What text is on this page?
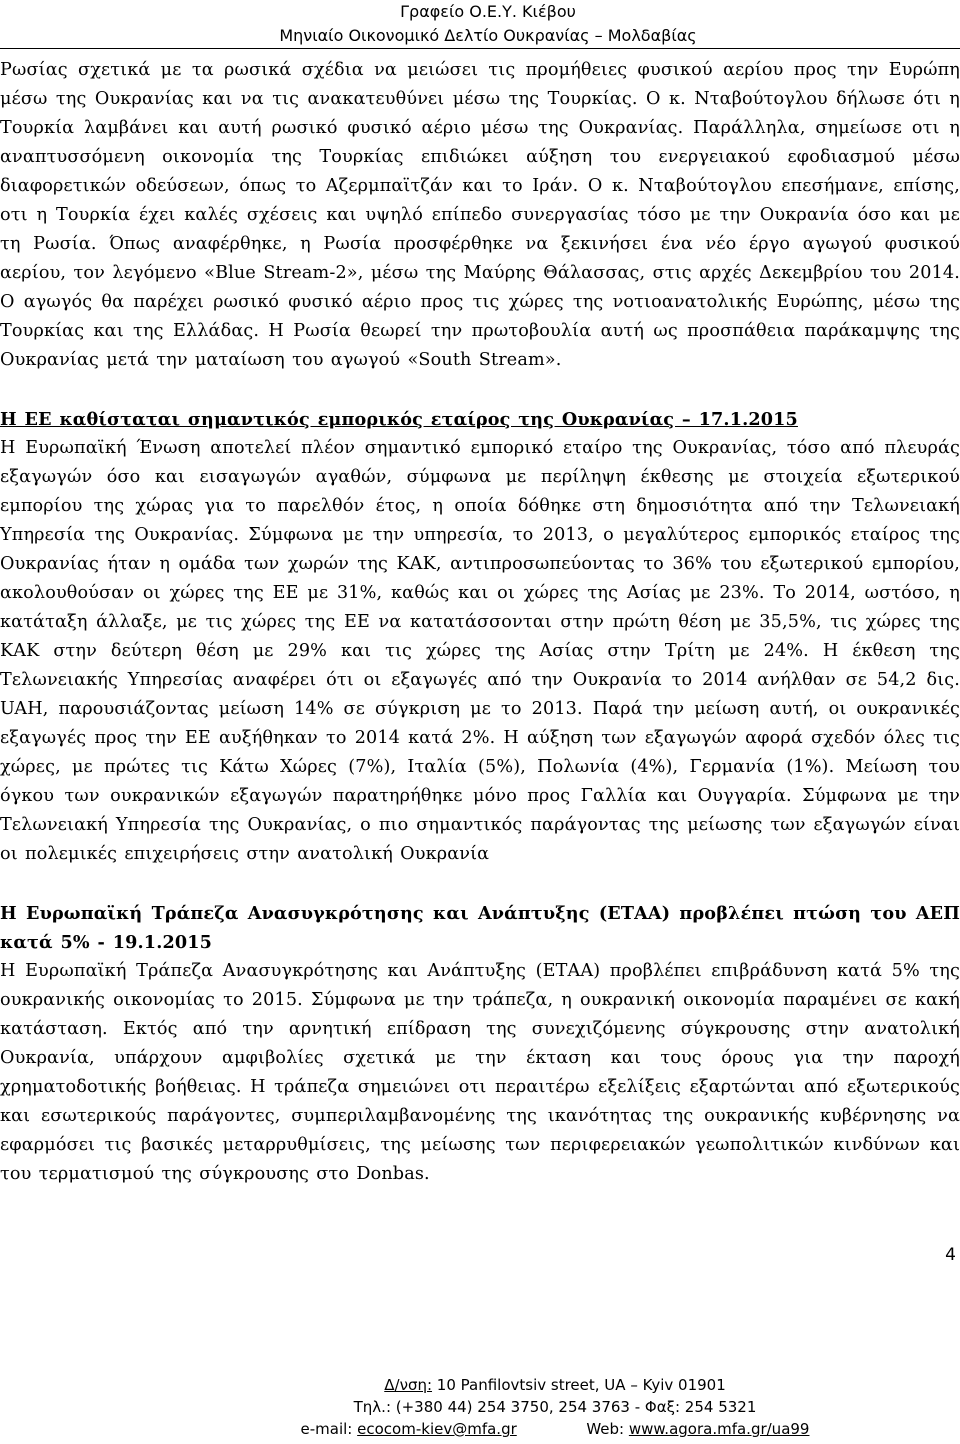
Γραφείο Ο.Ε.Υ. Κιέβου
Μηνιαίο Οικονομικό Δελτίο Ουκρανίας – Μολδαβίας

Ρωσίας σχετικά με τα ρωσικά σχέδια να μειώσει τις προμήθειες φυσικού αερίου προς την Ευρώπη μέσω της Ουκρανίας και να τις ανακατευθύνει μέσω της Τουρκίας. Ο κ. Νταβούτογλου δήλωσε ότι η Τουρκία λαμβάνει και αυτή ρωσικό φυσικό αέριο μέσω της Ουκρανίας. Παράλληλα, σημείωσε οτι η αναπτυσσόμενη οικονομία της Τουρκίας επιδιώκει αύξηση του ενεργειακού εφοδιασμού μέσω διαφορετικών οδεύσεων, όπως το Αζερμπαϊτζάν και το Ιράν. Ο κ. Νταβούτογλου επεσήμανε, επίσης, οτι η Τουρκία έχει καλές σχέσεις και υψηλό επίπεδο συνεργασίας τόσο με την Ουκρανία όσο και με τη Ρωσία. Όπως αναφέρθηκε, η Ρωσία προσφέρθηκε να ξεκινήσει ένα νέο έργο αγωγού φυσικού αερίου, τον λεγόμενο «Blue Stream-2», μέσω της Μαύρης Θάλασσας, στις αρχές Δεκεμβρίου του 2014. Ο αγωγός θα παρέχει ρωσικό φυσικό αέριο προς τις χώρες της νοτιοανατολικής Ευρώπης, μέσω της Τουρκίας και της Ελλάδας. Η Ρωσία θεωρεί την πρωτοβουλία αυτή ως προσπάθεια παράκαμψης της Ουκρανίας μετά την ματαίωση του αγωγού «South Stream».

Η ΕΕ καθίσταται σημαντικός εμπορικός εταίρος της Ουκρανίας – 17.1.2015

Η Ευρωπαϊκή Ένωση αποτελεί πλέον σημαντικό εμπορικό εταίρο της Ουκρανίας, τόσο από πλευράς εξαγωγών όσο και εισαγωγών αγαθών, σύμφωνα με περίληψη έκθεσης με στοιχεία εξωτερικού εμπορίου της χώρας για το παρελθόν έτος, η οποία δόθηκε στη δημοσιότητα από την Τελωνειακή Υπηρεσία της Ουκρανίας. Σύμφωνα με την υπηρεσία, το 2013, ο μεγαλύτερος εμπορικός εταίρος της Ουκρανίας ήταν η ομάδα των χωρών της ΚΑΚ, αντιπροσωπεύοντας το 36% του εξωτερικού εμπορίου, ακολουθούσαν οι χώρες της ΕΕ με 31%, καθώς και οι χώρες της Ασίας με 23%. Το 2014, ωστόσο, η κατάταξη άλλαξε, με τις χώρες της ΕΕ να κατατάσσονται στην πρώτη θέση με 35,5%, τις χώρες της ΚΑΚ στην δεύτερη θέση με 29% και τις χώρες της Ασίας στην Τρίτη με 24%. Η έκθεση της Τελωνειακής Υπηρεσίας αναφέρει ότι οι εξαγωγές από την Ουκρανία το 2014 ανήλθαν σε 54,2 δις. UAH, παρουσιάζοντας μείωση 14% σε σύγκριση με το 2013. Παρά την μείωση αυτή, οι ουκρανικές εξαγωγές προς την ΕΕ αυξήθηκαν το 2014 κατά 2%. Η αύξηση των εξαγωγών αφορά σχεδόν όλες τις χώρες, με πρώτες τις Κάτω Χώρες (7%), Ιταλία (5%), Πολωνία (4%), Γερμανία (1%). Μείωση του όγκου των ουκρανικών εξαγωγών παρατηρήθηκε μόνο προς Γαλλία και Ουγγαρία. Σύμφωνα με την Τελωνειακή Υπηρεσία της Ουκρανίας, ο πιο σημαντικός παράγοντας της μείωσης των εξαγωγών είναι οι πολεμικές επιχειρήσεις στην ανατολική Ουκρανία

Η Ευρωπαϊκή Τράπεζα Ανασυγκρότησης και Ανάπτυξης (ΕΤΑΑ) προβλέπει πτώση του ΑΕΠ κατά 5% - 19.1.2015

Η Ευρωπαϊκή Τράπεζα Ανασυγκρότησης και Ανάπτυξης (ΕΤΑΑ) προβλέπει επιβράδυνση κατά 5% της ουκρανικής οικονομίας το 2015. Σύμφωνα με την τράπεζα, η ουκρανική οικονομία παραμένει σε κακή κατάσταση. Εκτός από την αρνητική επίδραση της συνεχιζόμενης σύγκρουσης στην ανατολική Ουκρανία, υπάρχουν αμφιβολίες σχετικά με την έκταση και τους όρους για την παροχή χρηματοδοτικής βοήθειας. Η τράπεζα σημειώνει οτι περαιτέρω εξελίξεις εξαρτώνται από εξωτερικούς και εσωτερικούς παράγοντες, συμπεριλαμβανομένης της ικανότητας της ουκρανικής κυβέρνησης να εφαρμόσει τις βασικές μεταρρυθμίσεις, της μείωσης των περιφερειακών γεωπολιτικών κινδύνων και του τερματισμού της σύγκρουσης στο Donbas.

4
Δ/νση: 10 Panfilovtsiv street, UA – Kyiv 01901
Τηλ.: (+380 44) 254 3750, 254 3763 - Φαξ: 254 5321
e-mail: ecocom-kiev@mfa.gr	Web: www.agora.mfa.gr/ua99
